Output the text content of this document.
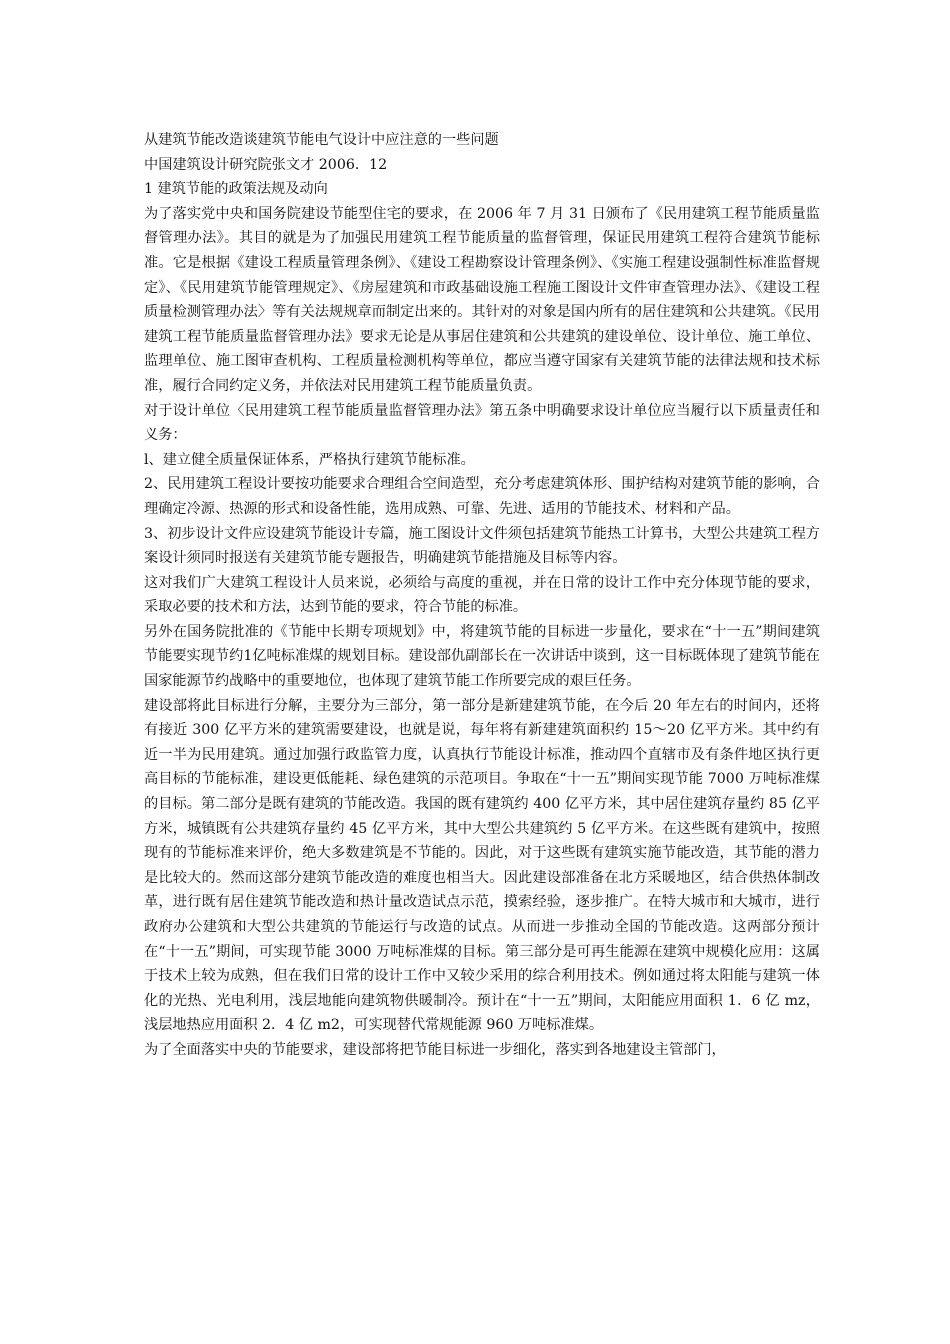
从建筑节能改造谈建筑节能电气设计中应注意的一些问题

中国建筑设计研究院张文才 2006．12

1 建筑节能的政策法规及动向

为了落实党中央和国务院建设节能型住宅的要求，在 2006 年 7 月 31 日颁布了《民用建筑工程节能质量监督管理办法》。其目的就是为了加强民用建筑工程节能质量的监督管理，保证民用建筑工程符合建筑节能标准。它是根据《建设工程质量管理条例》、《建设工程勘察设计管理条例》、《实施工程建设强制性标准监督规定》、《民用建筑节能管理规定》、《房屋建筑和市政基础设施工程施工图设计文件审查管理办法》、《建设工程质量检测管理办法〉等有关法规规章而制定出来的。其针对的对象是国内所有的居住建筑和公共建筑。《民用建筑工程节能质量监督管理办法》要求无论是从事居住建筑和公共建筑的建设单位、设计单位、施工单位、监理单位、施工图审查机构、工程质量检测机构等单位，都应当遵守国家有关建筑节能的法律法规和技术标准，履行合同约定义务，并依法对民用建筑工程节能质量负责。

对于设计单位〈民用建筑工程节能质量监督管理办法》第五条中明确要求设计单位应当履行以下质量责任和义务：

l、建立健全质量保证体系，严格执行建筑节能标准。

2、民用建筑工程设计要按功能要求合理组合空间造型，充分考虑建筑体形、围护结构对建筑节能的影响，合理确定冷源、热源的形式和设备性能，选用成熟、可靠、先进、适用的节能技术、材料和产品。

3、初步设计文件应设建筑节能设计专篇，施工图设计文件须包括建筑节能热工计算书，大型公共建筑工程方案设计须同时报送有关建筑节能专题报告，明确建筑节能措施及目标等内容。

这对我们广大建筑工程设计人员来说，必须给与高度的重视，并在日常的设计工作中充分体现节能的要求，采取必要的技术和方法，达到节能的要求，符合节能的标准。

另外在国务院批准的《节能中长期专项规划》中，将建筑节能的目标进一步量化，要求在“十一五”期间建筑节能要实现节约1亿吨标准煤的规划目标。建设部仇副部长在一次讲话中谈到，这一目标既体现了建筑节能在国家能源节约战略中的重要地位，也体现了建筑节能工作所要完成的艰巨任务。

建设部将此目标进行分解，主要分为三部分，第一部分是新建建筑节能，在今后 20 年左右的时间内，还将有接近 300 亿平方米的建筑需要建设，也就是说，每年将有新建建筑面积约 15～20 亿平方米。其中约有近一半为民用建筑。通过加强行政监管力度，认真执行节能设计标准，推动四个直辖市及有条件地区执行更高目标的节能标准，建设更低能耗、绿色建筑的示范项目。争取在“十一五”期间实现节能 7000 万吨标准煤的目标。第二部分是既有建筑的节能改造。我国的既有建筑约 400 亿平方米，其中居住建筑存量约 85 亿平方米，城镇既有公共建筑存量约 45 亿平方米，其中大型公共建筑约 5 亿平方米。在这些既有建筑中，按照现有的节能标准来评价，绝大多数建筑是不节能的。因此，对于这些既有建筑实施节能改造，其节能的潜力是比较大的。然而这部分建筑节能改造的难度也相当大。因此建设部准备在北方采暖地区，结合供热体制改革，进行既有居住建筑节能改造和热计量改造试点示范，摸索经验，逐步推广。在特大城市和大城市，进行政府办公建筑和大型公共建筑的节能运行与改造的试点。从而进一步推动全国的节能改造。这两部分预计在“十一五”期间，可实现节能 3000 万吨标准煤的目标。第三部分是可再生能源在建筑中规模化应用：这属于技术上较为成熟，但在我们日常的设计工作中又较少采用的综合利用技术。例如通过将太阳能与建筑一体化的光热、光电利用，浅层地能向建筑物供暖制冷。预计在“十一五”期间，太阳能应用面积 1．6 亿 mz，浅层地热应用面积 2．4 亿 m2，可实现替代常规能源 960 万吨标准煤。

为了全面落实中央的节能要求，建设部将把节能目标进一步细化，落实到各地建设主管部门，
